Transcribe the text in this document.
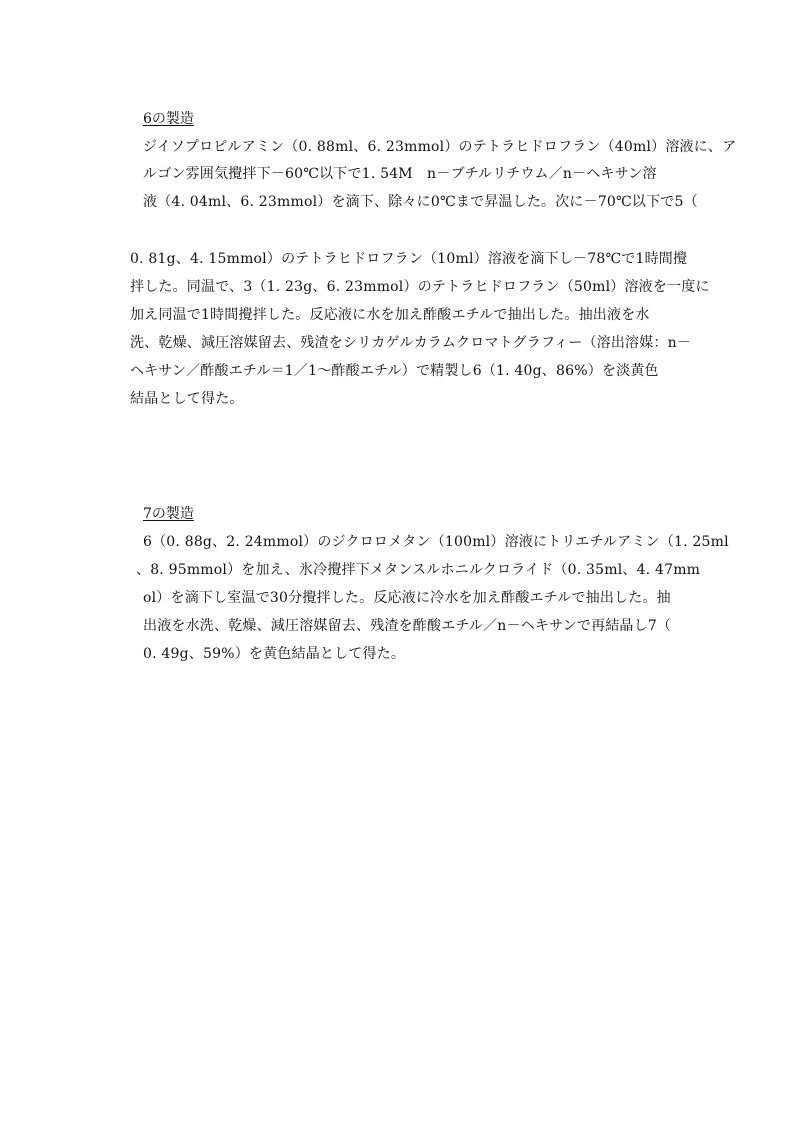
6の製造

ジイソプロピルアミン（0. 88ml、6. 23mmol）のテトラヒドロフラン（40ml）溶液に、ア

ルゴン雰囲気攪拌下－60℃以下で1. 54M　n－ブチルリチウム／n－ヘキサン溶

液（4. 04ml、6. 23mmol）を滴下、除々に0℃まで昇温した。次に－70℃以下で5（

0. 81g、4. 15mmol）のテトラヒドロフラン（10ml）溶液を滴下し－78℃で1時間攪

拌した。同温で、3（1. 23g、6. 23mmol）のテトラヒドロフラン（50ml）溶液を一度に

加え同温で1時間攪拌した。反応液に水を加え酢酸エチルで抽出した。抽出液を水

洗、乾燥、減圧溶媒留去、残渣をシリカゲルカラムクロマトグラフィー（溶出溶媒：n－

ヘキサン／酢酸エチル＝1／1～酢酸エチル）で精製し6（1. 40g、86%）を淡黄色

結晶として得た。

7の製造

6（0. 88g、2. 24mmol）のジクロロメタン（100ml）溶液にトリエチルアミン（1. 25ml

、8. 95mmol）を加え、氷冷攪拌下メタンスルホニルクロライド（0. 35ml、4. 47mm

ol）を滴下し室温で30分攪拌した。反応液に冷水を加え酢酸エチルで抽出した。抽

出液を水洗、乾燥、減圧溶媒留去、残渣を酢酸エチル／n－ヘキサンで再結晶し7（

0. 49g、59%）を黄色結晶として得た。
